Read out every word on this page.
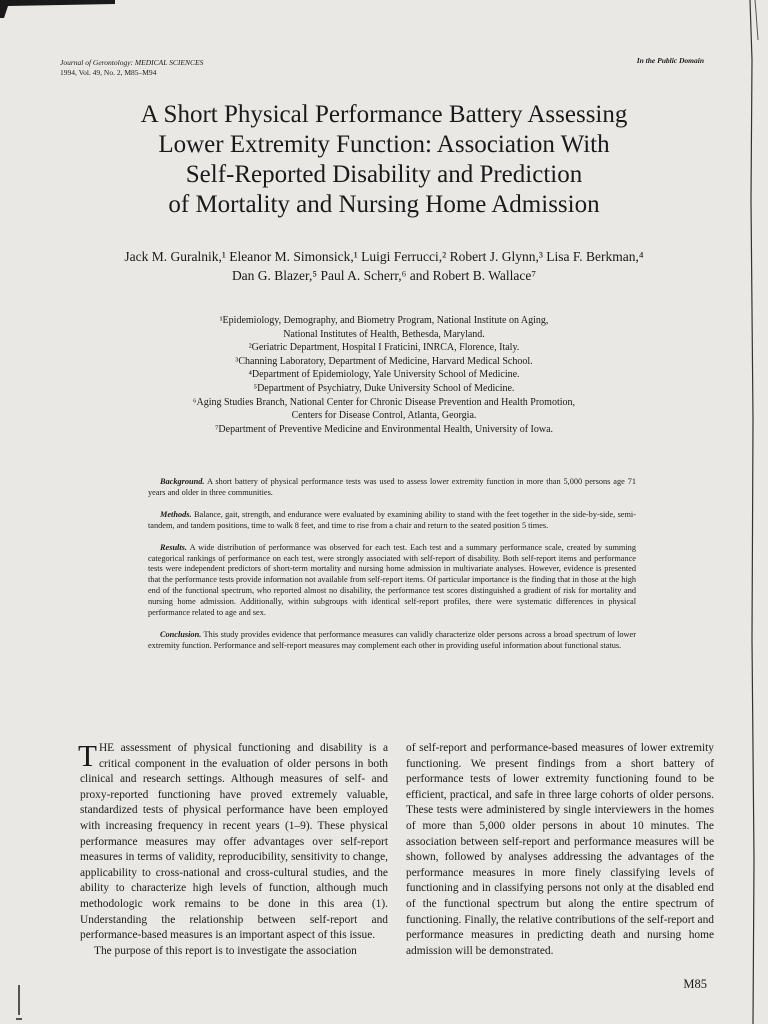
Journal of Gerontology: MEDICAL SCIENCES
1994, Vol. 49, No. 2, M85–M94
In the Public Domain
A Short Physical Performance Battery Assessing
Lower Extremity Function: Association With
Self-Reported Disability and Prediction
of Mortality and Nursing Home Admission
Jack M. Guralnik,¹ Eleanor M. Simonsick,¹ Luigi Ferrucci,² Robert J. Glynn,³ Lisa F. Berkman,⁴
Dan G. Blazer,⁵ Paul A. Scherr,⁶ and Robert B. Wallace⁷
¹Epidemiology, Demography, and Biometry Program, National Institute on Aging,
National Institutes of Health, Bethesda, Maryland.
²Geriatric Department, Hospital I Fraticini, INRCA, Florence, Italy.
³Channing Laboratory, Department of Medicine, Harvard Medical School.
⁴Department of Epidemiology, Yale University School of Medicine.
⁵Department of Psychiatry, Duke University School of Medicine.
⁶Aging Studies Branch, National Center for Chronic Disease Prevention and Health Promotion,
Centers for Disease Control, Atlanta, Georgia.
⁷Department of Preventive Medicine and Environmental Health, University of Iowa.

Background. A short battery of physical performance tests was used to assess lower extremity function in more than 5,000 persons age 71 years and older in three communities.

Methods. Balance, gait, strength, and endurance were evaluated by examining ability to stand with the feet together in the side-by-side, semi-tandem, and tandem positions, time to walk 8 feet, and time to rise from a chair and return to the seated position 5 times.

Results. A wide distribution of performance was observed for each test. Each test and a summary performance scale, created by summing categorical rankings of performance on each test, were strongly associated with self-report of disability. Both self-report items and performance tests were independent predictors of short-term mortality and nursing home admission in multivariate analyses. However, evidence is presented that the performance tests provide information not available from self-report items. Of particular importance is the finding that in those at the high end of the functional spectrum, who reported almost no disability, the performance test scores distinguished a gradient of risk for mortality and nursing home admission. Additionally, within subgroups with identical self-report profiles, there were systematic differences in physical performance related to age and sex.

Conclusion. This study provides evidence that performance measures can validly characterize older persons across a broad spectrum of lower extremity function. Performance and self-report measures may complement each other in providing useful information about functional status.

THE assessment of physical functioning and disability is a critical component in the evaluation of older persons in both clinical and research settings. Although measures of self- and proxy-reported functioning have proved extremely valuable, standardized tests of physical performance have been employed with increasing frequency in recent years (1–9). These physical performance measures may offer advantages over self-report measures in terms of validity, reproducibility, sensitivity to change, applicability to cross-national and cross-cultural studies, and the ability to characterize high levels of function, although much methodologic work remains to be done in this area (1). Understanding the relationship between self-report and performance-based measures is an important aspect of this issue.

The purpose of this report is to investigate the association

of self-report and performance-based measures of lower extremity functioning. We present findings from a short battery of performance tests of lower extremity functioning found to be efficient, practical, and safe in three large cohorts of older persons. These tests were administered by single interviewers in the homes of more than 5,000 older persons in about 10 minutes. The association between self-report and performance measures will be shown, followed by analyses addressing the advantages of the performance measures in more finely classifying levels of functioning and in classifying persons not only at the disabled end of the functional spectrum but along the entire spectrum of functioning. Finally, the relative contributions of the self-report and performance measures in predicting death and nursing home admission will be demonstrated.

M85
